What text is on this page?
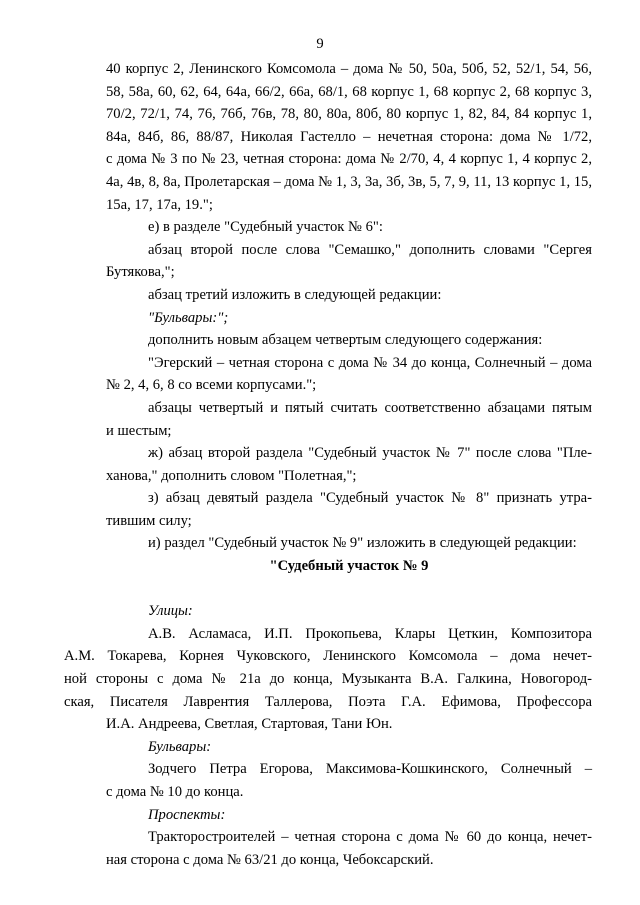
9

40 корпус 2, Ленинского Комсомола – дома № 50, 50а, 50б, 52, 52/1, 54, 56,
58, 58а, 60, 62, 64, 64а, 66/2, 66а, 68/1, 68 корпус 1, 68 корпус 2, 68 корпус 3,
70/2, 72/1, 74, 76, 76б, 76в, 78, 80, 80а, 80б, 80 корпус 1, 82, 84, 84 корпус 1,
84а, 84б, 86, 88/87, Николая Гастелло – нечетная сторона: дома № 1/72,
с дома № 3 по № 23, четная сторона: дома № 2/70, 4, 4 корпус 1, 4 корпус 2,
4а, 4в, 8, 8а, Пролетарская – дома № 1, 3, 3а, 3б, 3в, 5, 7, 9, 11, 13 корпус 1, 15,

15а, 17, 17а, 19.";

е) в разделе "Судебный участок № 6":

абзац второй после слова "Семашко," дополнить словами "Сергея

Бутякова,";

абзац третий изложить в следующей редакции:

"Бульвары:";

дополнить новым абзацем четвертым следующего содержания:

"Эгерский – четная сторона с дома № 34 до конца, Солнечный – дома

№ 2, 4, 6, 8 со всеми корпусами.";

абзацы четвертый и пятый считать соответственно абзацами пятым

и шестым;

ж) абзац второй раздела "Судебный участок № 7" после слова "Пле-

ханова," дополнить словом "Полетная,";

з) абзац девятый раздела "Судебный участок № 8" признать утра-

тившим силу;

и) раздел "Судебный участок № 9" изложить в следующей редакции:

"Судебный участок № 9

Улицы:

А.В. Асламаса, И.П. Прокопьева, Клары Цеткин, Композитора
А.М. Токарева, Корнея Чуковского, Ленинского Комсомола – дома нечет-
ной стороны с дома № 21а до конца, Музыканта В.А. Галкина, Новогород-
ская, Писателя Лаврентия Таллерова, Поэта Г.А. Ефимова, Профессора

И.А. Андреева, Светлая, Стартовая, Тани Юн.

Бульвары:

Зодчего Петра Егорова, Максимова-Кошкинского, Солнечный –

с дома № 10 до конца.

Проспекты:

Тракторостроителей – четная сторона с дома № 60 до конца, нечет-

ная сторона с дома № 63/21 до конца, Чебоксарский.
